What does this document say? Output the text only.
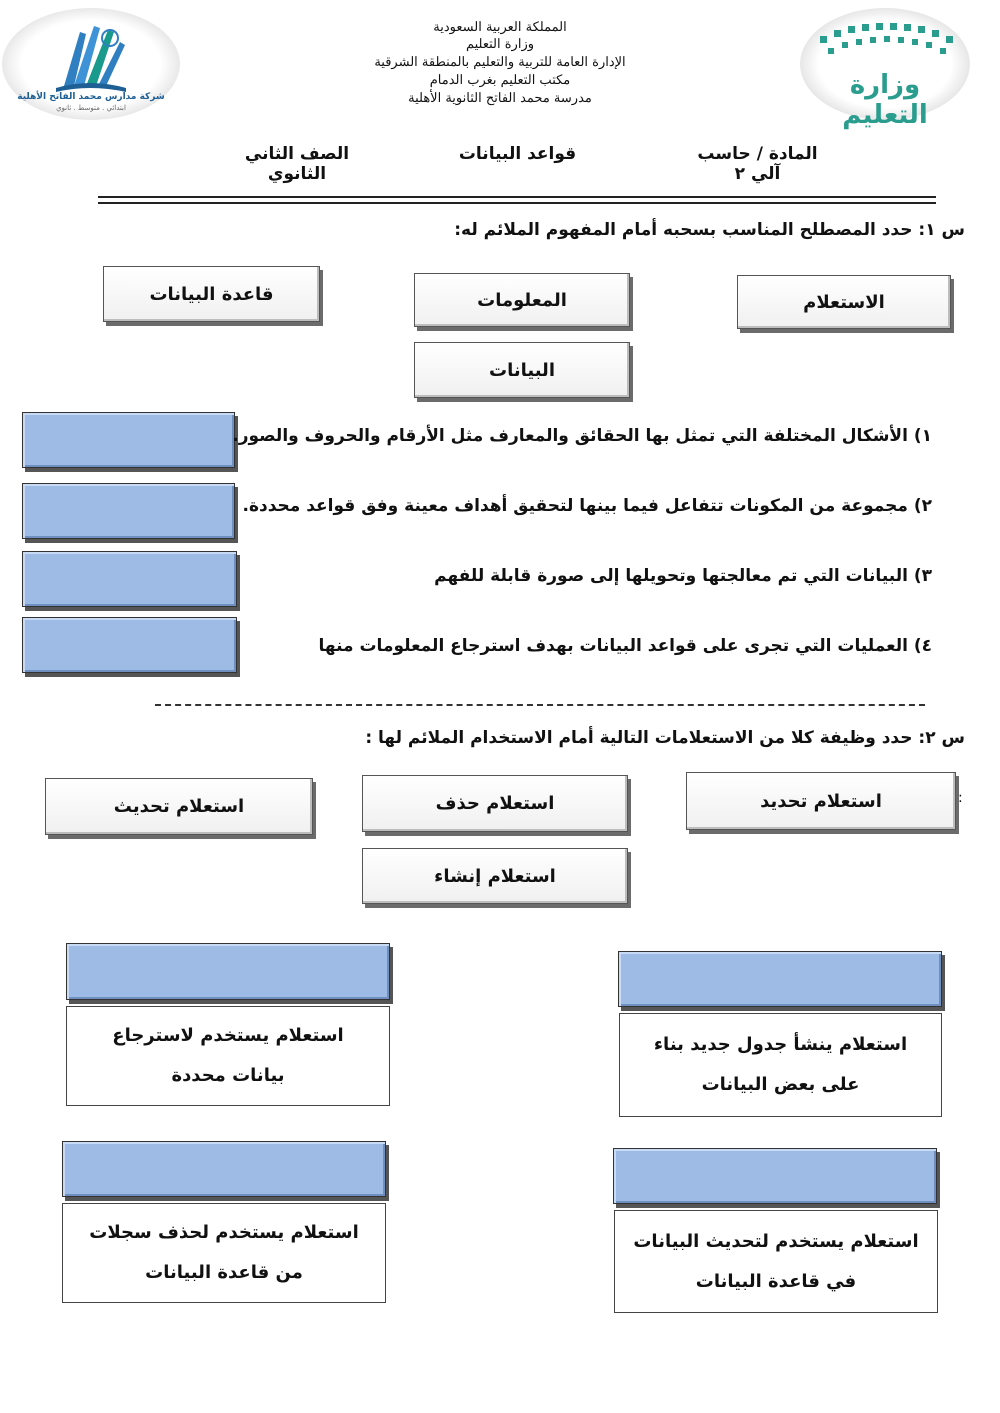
شركة مدارس محمد الفاتح الأهلية
ابتدائي . متوسط . ثانوي
وزارة التعليم
المملكة العربية السعودية
وزارة التعليم
الإدارة العامة للتربية والتعليم بالمنطقة الشرقية
مكتب التعليم بغرب الدمام
مدرسة محمد الفاتح الثانوية الأهلية
المادة / حاسب آلي ٢
قواعد البيانات
الصف الثاني الثانوي
س ١: حدد المصطلح المناسب بسحبه أمام المفهوم الملائم له:
الاستعلام
المعلومات
قاعدة البيانات
البيانات
١) الأشكال المختلفة التي تمثل بها الحقائق والمعارف مثل الأرقام والحروف والصور.
٢) مجموعة من المكونات تتفاعل فيما بينها لتحقيق أهداف معينة وفق قواعد محددة.
٣) البيانات التي تم معالجتها وتحويلها إلى صورة قابلة للفهم
٤) العمليات التي تجرى على قواعد البيانات بهدف استرجاع المعلومات منها
س ٢: حدد وظيفة كلا من الاستعلامات التالية أمام الاستخدام الملائم لها :
:
استعلام تحديد
استعلام حذف
استعلام تحديث
استعلام إنشاء
استعلام ينشأ جدول جديد بناء على بعض البيانات
استعلام يستخدم لاسترجاع بيانات محددة
استعلام يستخدم لتحديث البيانات في قاعدة البيانات
استعلام يستخدم لحذف سجلات من قاعدة البيانات
